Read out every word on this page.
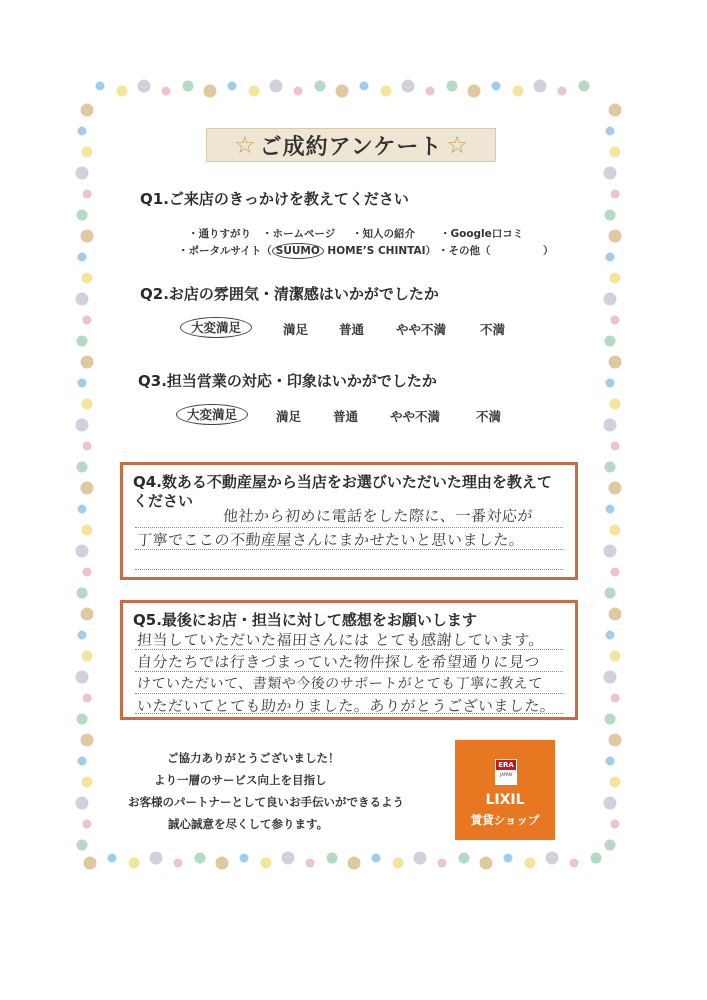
☆ ご成約アンケート ☆
Q1.ご来店のきっかけを教えてください
・通りすがり ・ホームページ ・知人の紹介 ・Google口コミ
・ポータルサイト（ SUUMO HOME’S CHINTAI） ・その他（　　　　　）
Q2.お店の雰囲気・清潔感はいかがでしたか
大変満足	満足 普通	やや不満	不満
Q3.担当営業の対応・印象はいかがでしたか
大変満足	満足	普通	やや不満	不満
Q4.数ある不動産屋から当店をお選びいただいた理由を教えて
ください
他社から初めに電話をした際に、一番対応が
丁寧でここの不動産屋さんにまかせたいと思いました。
Q5.最後にお店・担当に対して感想をお願いします
担当していただいた福田さんには とても感謝しています。
自分たちでは行きづまっていた物件探しを希望通りに見つ
けていただいて、書類や今後のサポートがとても丁寧に教えて
いただいてとても助かりました。ありがとうございました。
ご協力ありがとうございました！
より一層のサービス向上を目指し
お客様のパートナーとして良いお手伝いができるよう
誠心誠意を尽くして参ります。
ERA
JAPAN
LIXIL
賃貸ショップ
